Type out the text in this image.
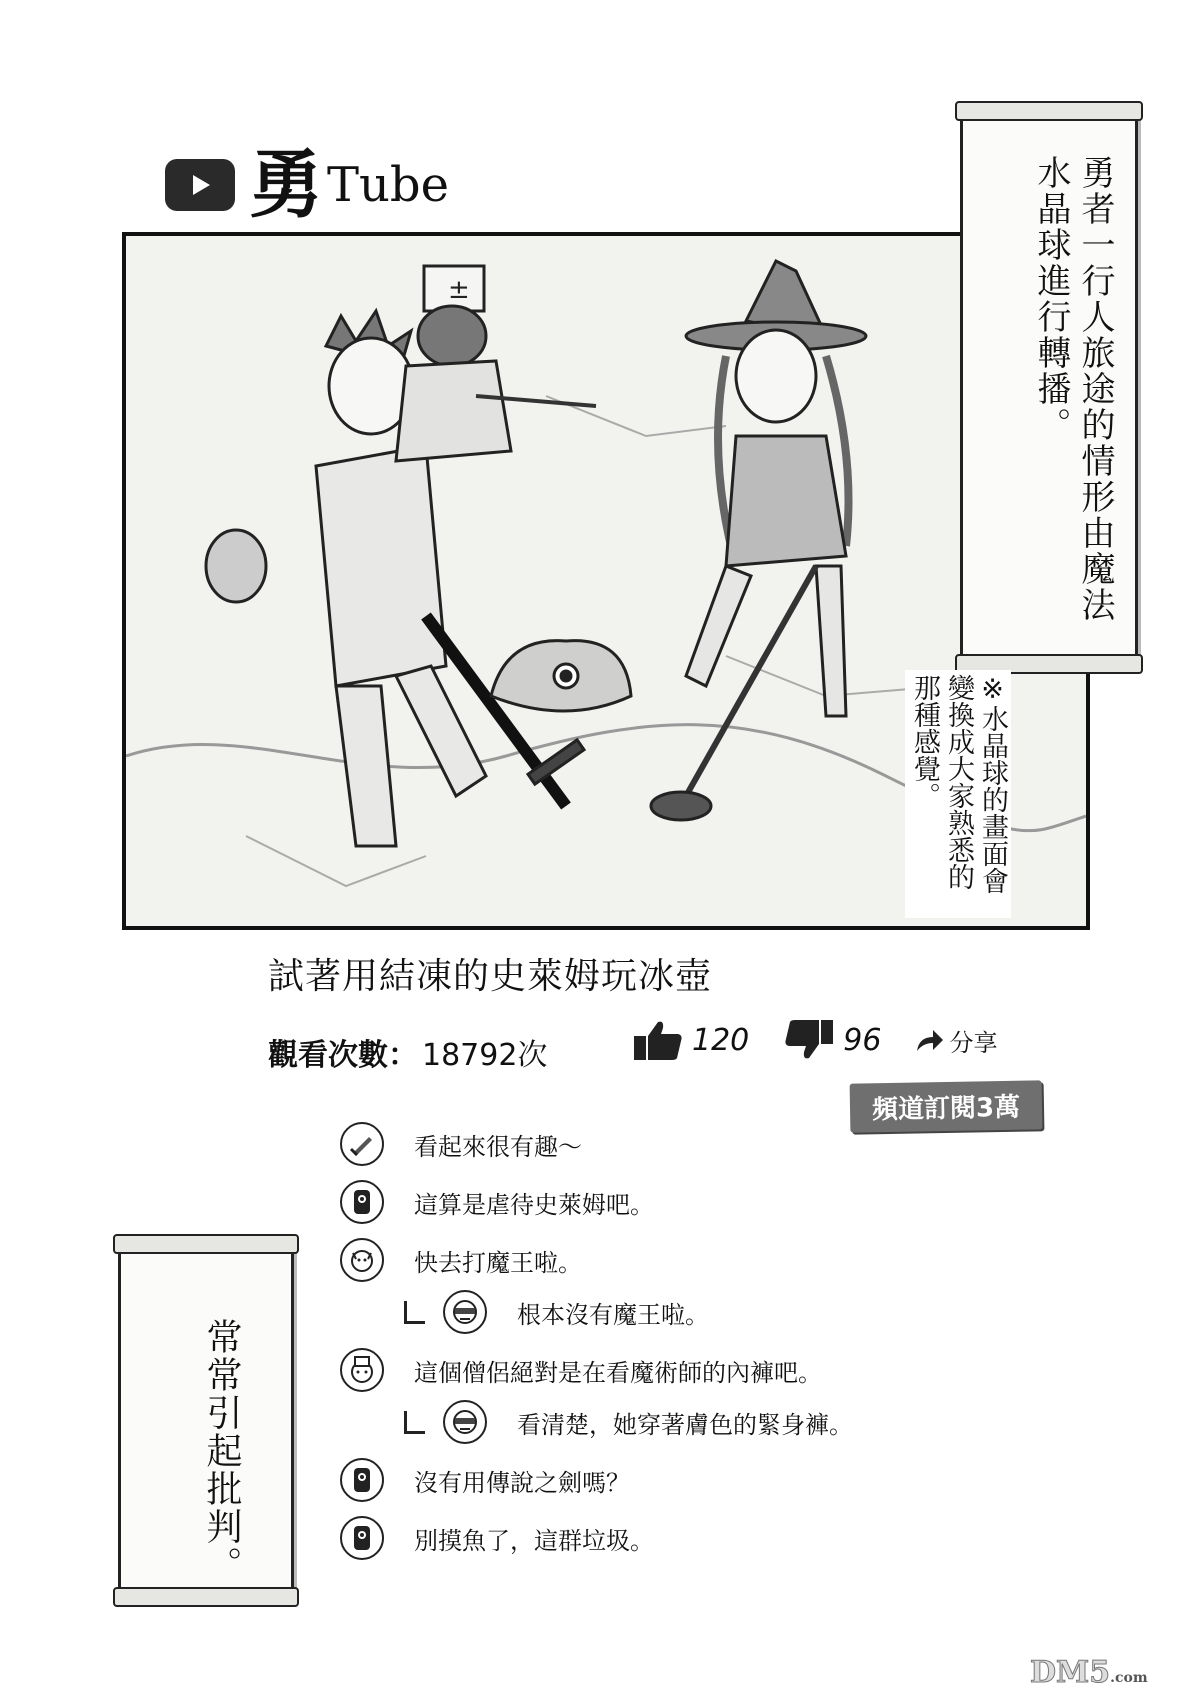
勇 Tube
±	勇者一行人旅途的情形由魔法水晶球進行轉播。
※水晶球的畫面會變換成大家熟悉的那種感覺。
試著用結凍的史萊姆玩冰壺
觀看次數： 18792次	120	96	分享
頻道訂閱3萬
看起來很有趣～
這算是虐待史萊姆吧。
快去打魔王啦。
根本沒有魔王啦。
這個僧侶絕對是在看魔術師的內褲吧。
看清楚，她穿著膚色的緊身褲。
沒有用傳說之劍嗎？
別摸魚了，這群垃圾。
常常引起批判。
DM5.com
